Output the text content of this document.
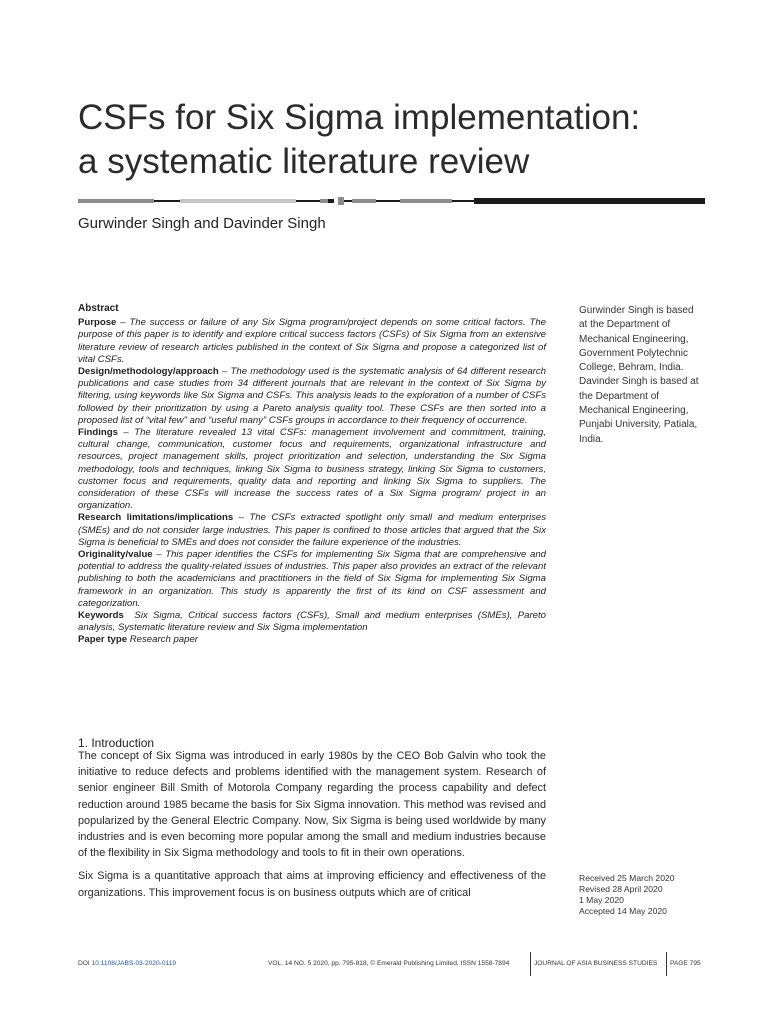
CSFs for Six Sigma implementation:
a systematic literature review
Gurwinder Singh and Davinder Singh

Abstract

Purpose – The success or failure of any Six Sigma program/project depends on some critical factors. The purpose of this paper is to identify and explore critical success factors (CSFs) of Six Sigma from an extensive literature review of research articles published in the context of Six Sigma and propose a categorized list of vital CSFs.

Design/methodology/approach – The methodology used is the systematic analysis of 64 different research publications and case studies from 34 different journals that are relevant in the context of Six Sigma by filtering, using keywords like Six Sigma and CSFs. This analysis leads to the exploration of a number of CSFs followed by their prioritization by using a Pareto analysis quality tool. These CSFs are then sorted into a proposed list of “vital few” and “useful many” CSFs groups in accordance to their frequency of occurrence.

Findings – The literature revealed 13 vital CSFs: management involvement and commitment, training, cultural change, communication, customer focus and requirements, organizational infrastructure and resources, project management skills, project prioritization and selection, understanding the Six Sigma methodology, tools and techniques, linking Six Sigma to business strategy, linking Six Sigma to customers, customer focus and requirements, quality data and reporting and linking Six Sigma to suppliers. The consideration of these CSFs will increase the success rates of a Six Sigma program/ project in an organization.

Research limitations/implications – The CSFs extracted spotlight only small and medium enterprises (SMEs) and do not consider large industries. This paper is confined to those articles that argued that the Six Sigma is beneficial to SMEs and does not consider the failure experience of the industries.

Originality/value – This paper identifies the CSFs for implementing Six Sigma that are comprehensive and potential to address the quality-related issues of industries. This paper also provides an extract of the relevant publishing to both the academicians and practitioners in the field of Six Sigma for implementing Six Sigma framework in an organization. This study is apparently the first of its kind on CSF assessment and categorization.

Keywords Six Sigma, Critical success factors (CSFs), Small and medium enterprises (SMEs), Pareto analysis, Systematic literature review and Six Sigma implementation

Paper type Research paper

Gurwinder Singh is based at the Department of Mechanical Engineering, Government Polytechnic College, Behram, India. Davinder Singh is based at the Department of Mechanical Engineering, Punjabi University, Patiala, India.
1. Introduction

The concept of Six Sigma was introduced in early 1980s by the CEO Bob Galvin who took the initiative to reduce defects and problems identified with the management system. Research of senior engineer Bill Smith of Motorola Company regarding the process capability and defect reduction around 1985 became the basis for Six Sigma innovation. This method was revised and popularized by the General Electric Company. Now, Six Sigma is being used worldwide by many industries and is even becoming more popular among the small and medium industries because of the flexibility in Six Sigma methodology and tools to fit in their own operations.

Six Sigma is a quantitative approach that aims at improving efficiency and effectiveness of the organizations. This improvement focus is on business outputs which are of critical

Received 25 March 2020
Revised 28 April 2020
1 May 2020
Accepted 14 May 2020
DOI 10.1108/JABS-03-2020-0119	VOL. 14 NO. 5 2020, pp. 795-818, © Emerald Publishing Limited, ISSN 1558-7894	JOURNAL OF ASIA BUSINESS STUDIES PAGE 795
